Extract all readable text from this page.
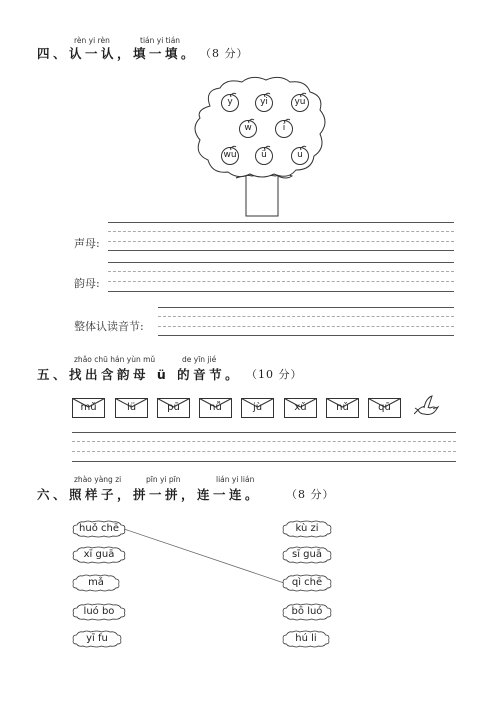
rèn yi rèn	tián yi tián
四、认一认，填一填。 （8 分）
y	yi	yu
w	i
wu	ü	u
声母:
韵母:
整体认读音节:
zhǎo chū hán yùn mǔ	de yīn jié
五、找出含韵母 ü 的音节。 （10 分）
mǔ	lü	pū	nǚ	jù	xǔ	nǔ	qū
zhào yàng zi	pīn yi pīn	lián yi lián
六、照样子，拼一拼，连一连。 （8 分）
huǒ chē
xī guā
mǎ
luó bo
yī fu
kù zi
sī guā
qì chē
bō luó
hú li
